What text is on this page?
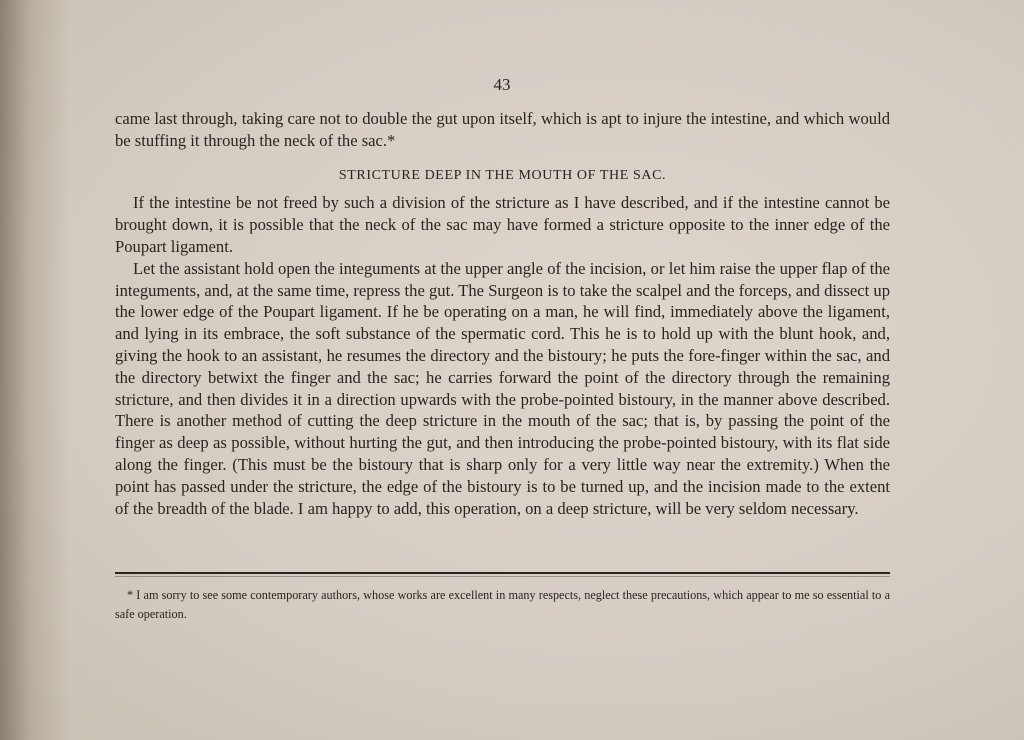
43

came last through, taking care not to double the gut upon itself, which is apt to injure the intestine, and which would be stuffing it through the neck of the sac.*

STRICTURE DEEP IN THE MOUTH OF THE SAC.

If the intestine be not freed by such a division of the stricture as I have described, and if the intestine cannot be brought down, it is possible that the neck of the sac may have formed a stricture opposite to the inner edge of the Poupart ligament.

Let the assistant hold open the integuments at the upper angle of the incision, or let him raise the upper flap of the integuments, and, at the same time, repress the gut. The Surgeon is to take the scalpel and the forceps, and dissect up the lower edge of the Poupart ligament. If he be operating on a man, he will find, immediately above the ligament, and lying in its embrace, the soft substance of the spermatic cord. This he is to hold up with the blunt hook, and, giving the hook to an assistant, he resumes the directory and the bistoury; he puts the fore-finger within the sac, and the directory betwixt the finger and the sac; he carries forward the point of the directory through the remaining stricture, and then divides it in a direction upwards with the probe-pointed bistoury, in the manner above described. There is another method of cutting the deep stricture in the mouth of the sac; that is, by passing the point of the finger as deep as possible, without hurting the gut, and then introducing the probe-pointed bistoury, with its flat side along the finger. (This must be the bistoury that is sharp only for a very little way near the extremity.) When the point has passed under the stricture, the edge of the bistoury is to be turned up, and the incision made to the extent of the breadth of the blade. I am happy to add, this operation, on a deep stricture, will be very seldom necessary.

* I am sorry to see some contemporary authors, whose works are excellent in many respects, neglect these precautions, which appear to me so essential to a safe operation.
